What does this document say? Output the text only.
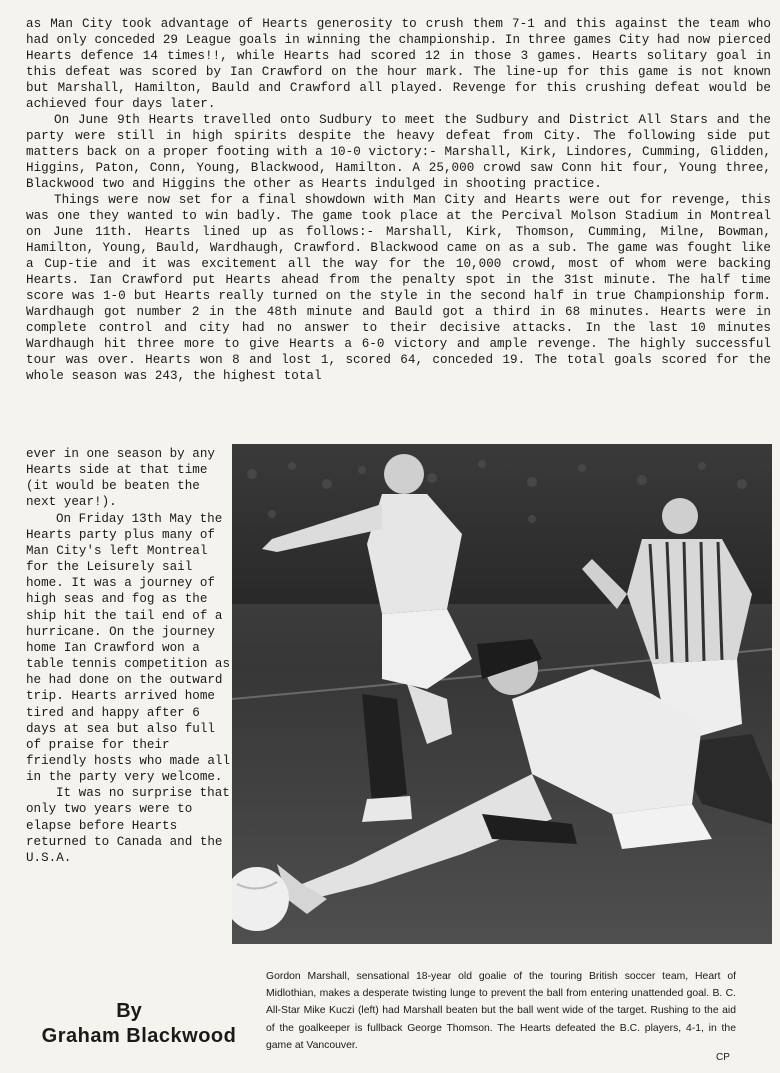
as Man City took advantage of Hearts generosity to crush them 7-1 and this against the team who had only conceded 29 League goals in winning the championship. In three games City had now pierced Hearts defence 14 times!!, while Hearts had scored 12 in those 3 games. Hearts solitary goal in this defeat was scored by Ian Crawford on the hour mark. The line-up for this game is not known but Marshall, Hamilton, Bauld and Crawford all played. Revenge for this crushing defeat would be achieved four days later.

On June 9th Hearts travelled onto Sudbury to meet the Sudbury and District All Stars and the party were still in high spirits despite the heavy defeat from City. The following side put matters back on a proper footing with a 10-0 victory:- Marshall, Kirk, Lindores, Cumming, Glidden, Higgins, Paton, Conn, Young, Blackwood, Hamilton. A 25,000 crowd saw Conn hit four, Young three, Blackwood two and Higgins the other as Hearts indulged in shooting practice.

Things were now set for a final showdown with Man City and Hearts were out for revenge, this was one they wanted to win badly. The game took place at the Percival Molson Stadium in Montreal on June 11th. Hearts lined up as follows:- Marshall, Kirk, Thomson, Cumming, Milne, Bowman, Hamilton, Young, Bauld, Wardhaugh, Crawford. Blackwood came on as a sub. The game was fought like a Cup-tie and it was excitement all the way for the 10,000 crowd, most of whom were backing Hearts. Ian Crawford put Hearts ahead from the penalty spot in the 31st minute. The half time score was 1-0 but Hearts really turned on the style in the second half in true Championship form. Wardhaugh got number 2 in the 48th minute and Bauld got a third in 68 minutes. Hearts were in complete control and city had no answer to their decisive attacks. In the last 10 minutes Wardhaugh hit three more to give Hearts a 6-0 victory and ample revenge. The highly successful tour was over. Hearts won 8 and lost 1, scored 64, conceded 19. The total goals scored for the whole season was 243, the highest total

ever in one season by any Hearts side at that time (it would be beaten the next year!).

On Friday 13th May the Hearts party plus many of Man City's left Montreal for the Leisurely sail home. It was a journey of high seas and fog as the ship hit the tail end of a hurricane. On the journey home Ian Crawford won a table tennis competition as he had done on the outward trip. Hearts arrived home tired and happy after 6 days at sea but also full of praise for their friendly hosts who made all in the party very welcome.

It was no surprise that only two years were to elapse before Hearts returned to Canada and the U.S.A.

By
Graham Blackwood
Gordon Marshall, sensational 18-year old goalie of the touring British soccer team, Heart of Midlothian, makes a desperate twisting lunge to prevent the ball from entering unattended goal. B. C. All-Star Mike Kuczi (left) had Marshall beaten but the ball went wide of the target. Rushing to the aid of the goalkeeper is fullback George Thomson. The Hearts defeated the B.C. players, 4-1, in the game at Vancouver.
CP
